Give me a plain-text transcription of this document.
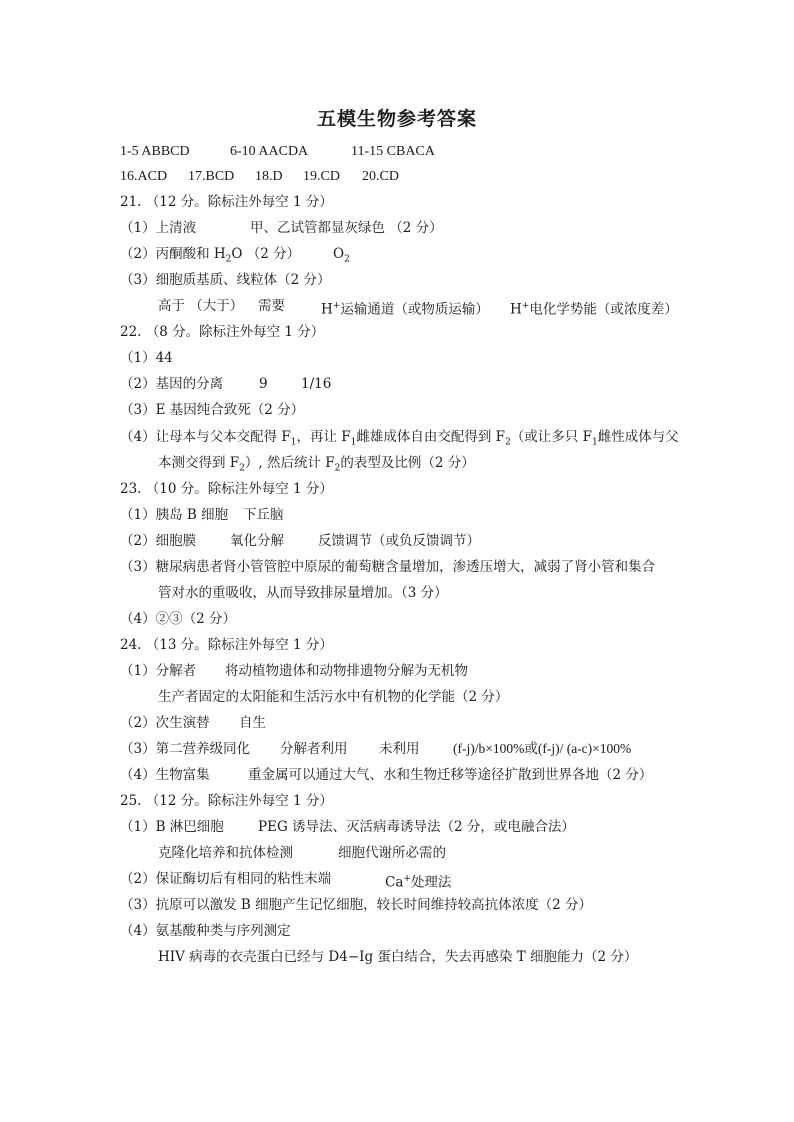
五模生物参考答案
1-5 ABBCD	6-10 AACDA	11-15 CBACA
16.ACD 17.BCD 18.D 19.CD 20.CD
21. （12 分。除标注外每空 1 分）
（1）上清液	甲、乙试管都显灰绿色 （2 分）
（2）丙酮酸和 $H_2O$ （2 分） $O_2$
（3）细胞质基质、线粒体（2 分）
高于 （大于） 需要	H+运输通道（或物质运输） H+电化学势能（或浓度差）
22. （8 分。除标注外每空 1 分）
（1）44
（2）基因的分离	9 1/16
（3）E 基因纯合致死（2 分）
（4）让母本与父本交配得 $F_1$，再让 $F_1$雌雄成体自由交配得到 $F_2$（或让多只 $F_1$雌性成体与父
本测交得到 $F_2$）, 然后统计 $F_2$的表型及比例（2 分）
23. （10 分。除标注外每空 1 分）
（1）胰岛 B 细胞 下丘脑
（2）细胞膜	氧化分解	反馈调节（或负反馈调节）
（3）糖尿病患者肾小管管腔中原尿的葡萄糖含量增加，渗透压增大，减弱了肾小管和集合
管对水的重吸收，从而导致排尿量增加。（3 分）
（4）②③（2 分）
24. （13 分。除标注外每空 1 分）
（1）分解者 将动植物遗体和动物排遗物分解为无机物
生产者固定的太阳能和生活污水中有机物的化学能（2 分）
（2）次生演替 自生
（3）第二营养级同化 分解者利用 未利用 (f-j)/b×100%或(f-j)/ (a-c)×100%
（4）生物富集	重金属可以通过大气、水和生物迁移等途径扩散到世界各地（2 分）
25. （12 分。除标注外每空 1 分）
（1）B 淋巴细胞	PEG 诱导法、灭活病毒诱导法（2 分，或电融合法）
克隆化培养和抗体检测	细胞代谢所必需的
（2）保证酶切后有相同的粘性末端	Ca+处理法
（3）抗原可以激发 B 细胞产生记忆细胞，较长时间维持较高抗体浓度（2 分）
（4）氨基酸种类与序列测定
HIV 病毒的衣壳蛋白已经与 D4−Ig 蛋白结合，失去再感染 T 细胞能力（2 分）
